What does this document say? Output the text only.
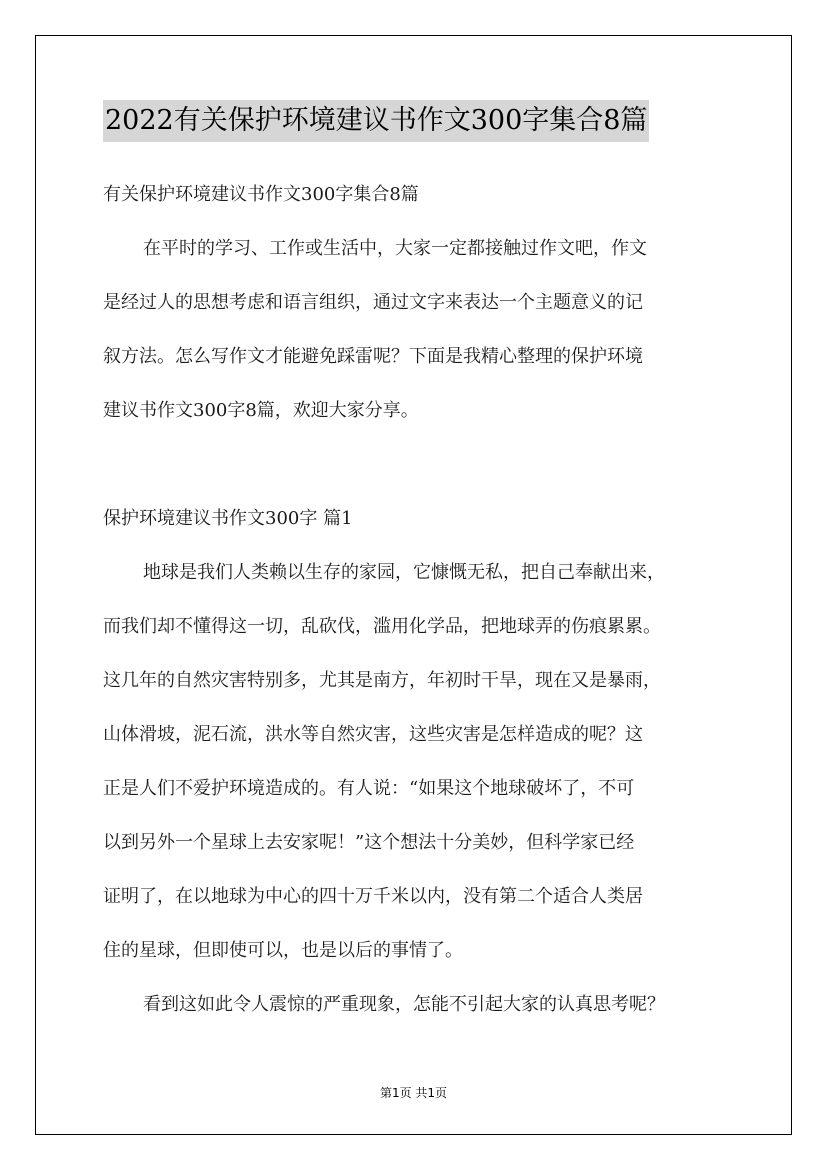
2022有关保护环境建议书作文300字集合8篇
有关保护环境建议书作文300字集合8篇
在平时的学习、工作或生活中，大家一定都接触过作文吧，作文
是经过人的思想考虑和语言组织，通过文字来表达一个主题意义的记
叙方法。怎么写作文才能避免踩雷呢？下面是我精心整理的保护环境
建议书作文300字8篇，欢迎大家分享。
保护环境建议书作文300字 篇1
地球是我们人类赖以生存的家园，它慷慨无私，把自己奉献出来，
而我们却不懂得这一切，乱砍伐，滥用化学品，把地球弄的伤痕累累。
这几年的自然灾害特别多，尤其是南方，年初时干旱，现在又是暴雨，
山体滑坡，泥石流，洪水等自然灾害，这些灾害是怎样造成的呢？这
正是人们不爱护环境造成的。有人说：“如果这个地球破坏了，不可
以到另外一个星球上去安家呢！”这个想法十分美妙，但科学家已经
证明了，在以地球为中心的四十万千米以内，没有第二个适合人类居
住的星球，但即使可以，也是以后的事情了。
看到这如此令人震惊的严重现象，怎能不引起大家的认真思考呢？
第1页 共1页
